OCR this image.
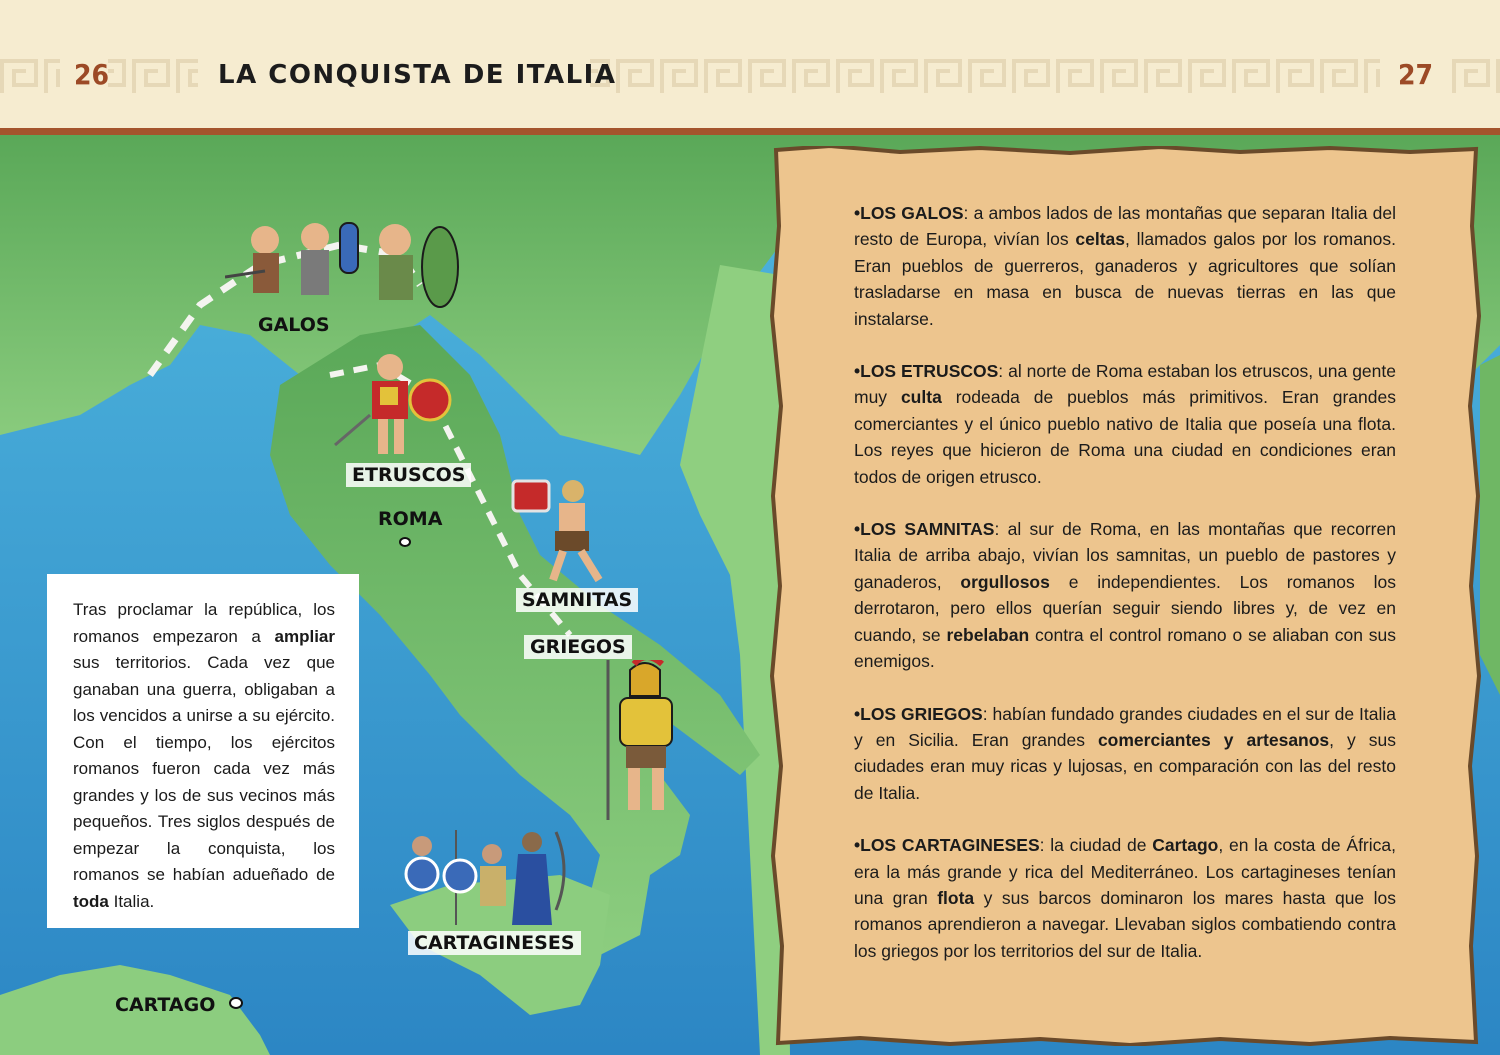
26	LA CONQUISTA DE ITALIA	27
GALOS
ETRUSCOS
ROMA
SAMNITAS
GRIEGOS
CARTAGINESES
CARTAGO
Tras proclamar la república, los romanos empezaron a ampliar sus territorios. Cada vez que ganaban una guerra, obligaban a los vencidos a unirse a su ejército. Con el tiempo, los ejércitos romanos fueron cada vez más grandes y los de sus vecinos más pequeños. Tres siglos después de empezar la conquista, los romanos se habían adueñado de toda Italia.

•LOS GALOS: a ambos lados de las montañas que separan Italia del resto de Europa, vivían los celtas, llamados galos por los romanos. Eran pueblos de guerreros, ganaderos y agricultores que solían trasladarse en masa en busca de nuevas tierras en las que instalarse.

•LOS ETRUSCOS: al norte de Roma estaban los etruscos, una gente muy culta rodeada de pueblos más primitivos. Eran grandes comerciantes y el único pueblo nativo de Italia que poseía una flota. Los reyes que hicieron de Roma una ciudad en condiciones eran todos de origen etrusco.

•LOS SAMNITAS: al sur de Roma, en las montañas que recorren Italia de arriba abajo, vivían los samnitas, un pueblo de pastores y ganaderos, orgullosos e independientes. Los romanos los derrotaron, pero ellos querían seguir siendo libres y, de vez en cuando, se rebelaban contra el control romano o se aliaban con sus enemigos.

•LOS GRIEGOS: habían fundado grandes ciudades en el sur de Italia y en Sicilia. Eran grandes comerciantes y artesanos, y sus ciudades eran muy ricas y lujosas, en comparación con las del resto de Italia.

•LOS CARTAGINESES: la ciudad de Cartago, en la costa de África, era la más grande y rica del Mediterráneo. Los cartagineses tenían una gran flota y sus barcos dominaron los mares hasta que los romanos aprendieron a navegar. Llevaban siglos combatiendo contra los griegos por los territorios del sur de Italia.
